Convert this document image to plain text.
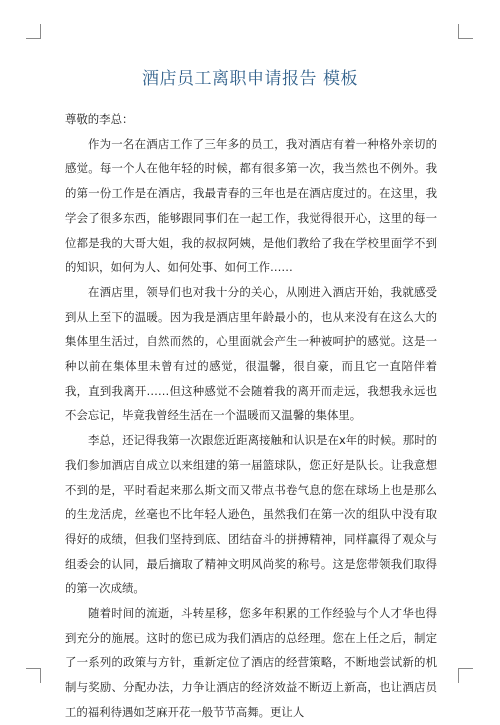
酒店员工离职申请报告 模板

尊敬的李总：

作为一名在酒店工作了三年多的员工，我对酒店有着一种格外亲切的感觉。每一个人在他年轻的时候，都有很多第一次，我当然也不例外。我的第一份工作是在酒店，我最青春的三年也是在酒店度过的。在这里，我学会了很多东西，能够跟同事们在一起工作，我觉得很开心，这里的每一位都是我的大哥大姐，我的叔叔阿姨，是他们教给了我在学校里面学不到的知识，如何为人、如何处事、如何工作……

在酒店里，领导们也对我十分的关心，从刚进入酒店开始，我就感受到从上至下的温暖。因为我是酒店里年龄最小的，也从来没有在这么大的集体里生活过，自然而然的，心里面就会产生一种被呵护的感觉。这是一种以前在集体里未曾有过的感觉，很温馨，很自豪，而且它一直陪伴着我，直到我离开……但这种感觉不会随着我的离开而走远，我想我永远也不会忘记，毕竟我曾经生活在一个温暖而又温馨的集体里。

李总，还记得我第一次跟您近距离接触和认识是在x年的时候。那时的我们参加酒店自成立以来组建的第一届篮球队，您正好是队长。让我意想不到的是，平时看起来那么斯文而又带点书卷气息的您在球场上也是那么的生龙活虎，丝毫也不比年轻人逊色，虽然我们在第一次的组队中没有取得好的成绩，但我们坚持到底、团结奋斗的拼搏精神，同样赢得了观众与组委会的认同，最后摘取了精神文明风尚奖的称号。这是您带领我们取得的第一次成绩。

随着时间的流逝，斗转星移，您多年积累的工作经验与个人才华也得到充分的施展。这时的您已成为我们酒店的总经理。您在上任之后，制定了一系列的政策与方针，重新定位了酒店的经营策略，不断地尝试新的机制与奖励、分配办法，力争让酒店的经济效益不断迈上新高，也让酒店员工的福利待遇如芝麻开花一般节节高舞。更让人
